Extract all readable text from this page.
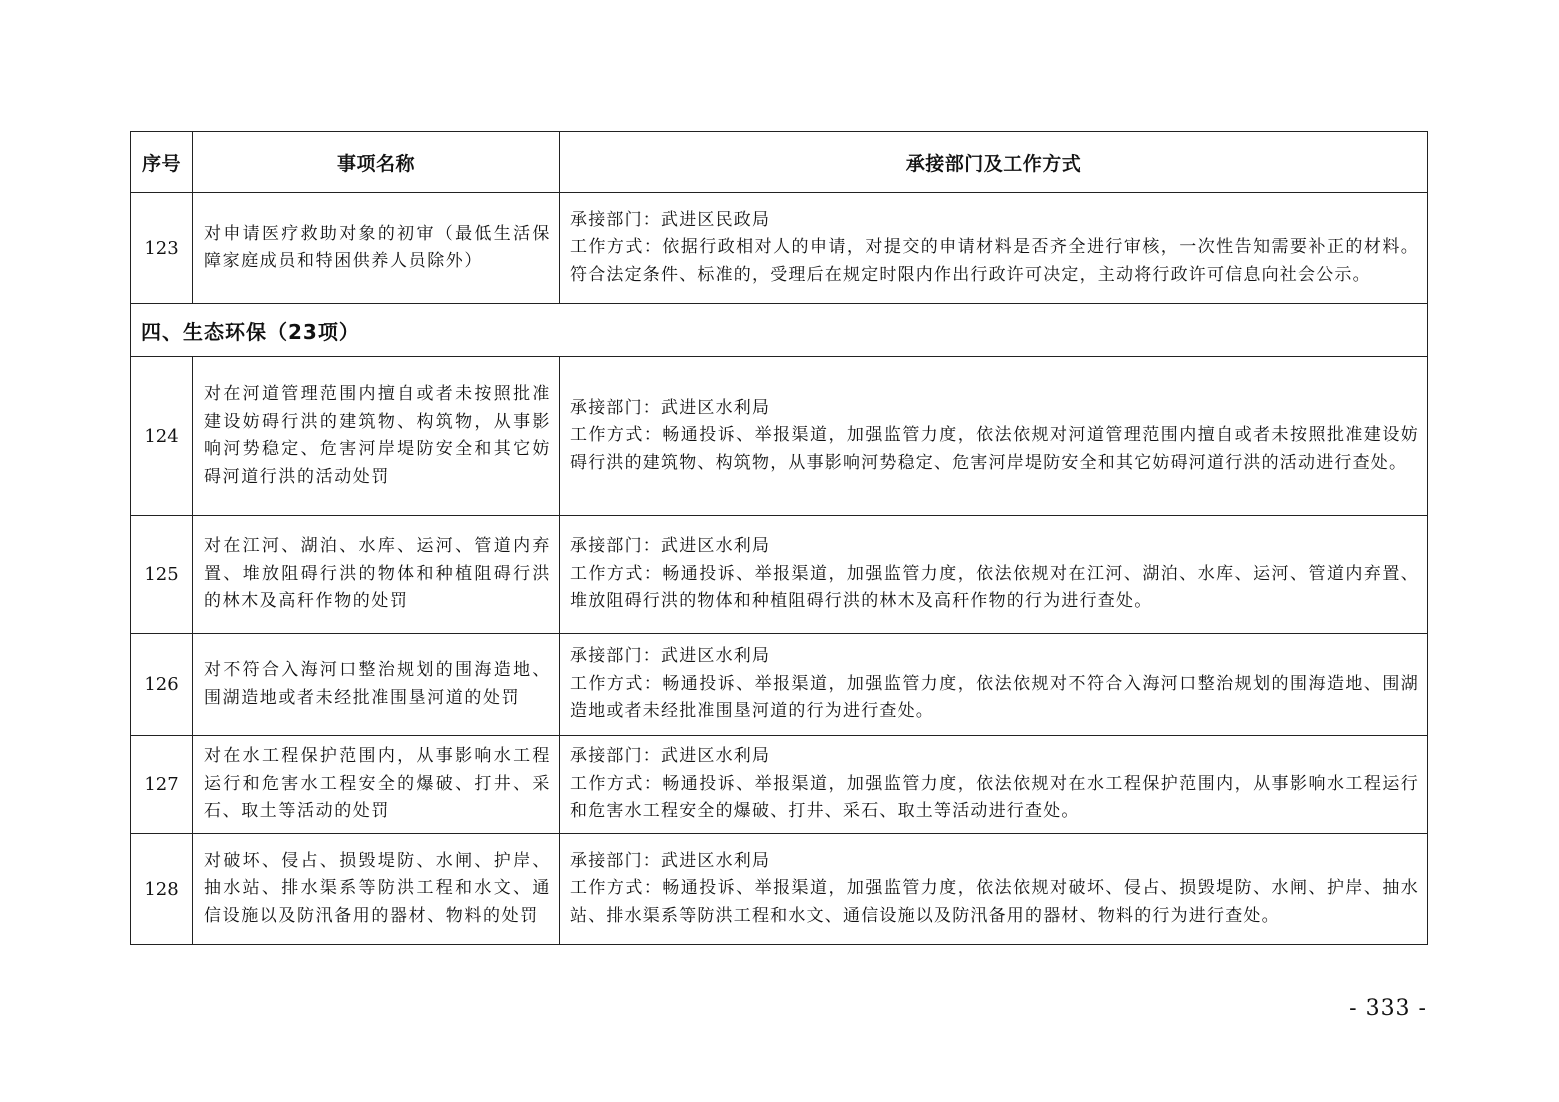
序号	事项名称	承接部门及工作方式
123	对申请医疗救助对象的初审（最低生活保障家庭成员和特困供养人员除外）	承接部门：武进区民政局
工作方式：依据行政相对人的申请，对提交的申请材料是否齐全进行审核，一次性告知需要补正的材料。符合法定条件、标准的，受理后在规定时限内作出行政许可决定，主动将行政许可信息向社会公示。

四、生态环保（23项）		
124	对在河道管理范围内擅自或者未按照批准建设妨碍行洪的建筑物、构筑物，从事影响河势稳定、危害河岸堤防安全和其它妨碍河道行洪的活动处罚	承接部门：武进区水利局
工作方式：畅通投诉、举报渠道，加强监管力度，依法依规对河道管理范围内擅自或者未按照批准建设妨碍行洪的建筑物、构筑物，从事影响河势稳定、危害河岸堤防安全和其它妨碍河道行洪的活动进行查处。

125	对在江河、湖泊、水库、运河、管道内弃置、堆放阻碍行洪的物体和种植阻碍行洪的林木及高秆作物的处罚	承接部门：武进区水利局
工作方式：畅通投诉、举报渠道，加强监管力度，依法依规对在江河、湖泊、水库、运河、管道内弃置、堆放阻碍行洪的物体和种植阻碍行洪的林木及高秆作物的行为进行查处。

126	对不符合入海河口整治规划的围海造地、围湖造地或者未经批准围垦河道的处罚	承接部门：武进区水利局
工作方式：畅通投诉、举报渠道，加强监管力度，依法依规对不符合入海河口整治规划的围海造地、围湖造地或者未经批准围垦河道的行为进行查处。

127	对在水工程保护范围内，从事影响水工程运行和危害水工程安全的爆破、打井、采石、取土等活动的处罚	承接部门：武进区水利局
工作方式：畅通投诉、举报渠道，加强监管力度，依法依规对在水工程保护范围内，从事影响水工程运行和危害水工程安全的爆破、打井、采石、取土等活动进行查处。

128	对破坏、侵占、损毁堤防、水闸、护岸、抽水站、排水渠系等防洪工程和水文、通信设施以及防汛备用的器材、物料的处罚	承接部门：武进区水利局
工作方式：畅通投诉、举报渠道，加强监管力度，依法依规对破坏、侵占、损毁堤防、水闸、护岸、抽水站、排水渠系等防洪工程和水文、通信设施以及防汛备用的器材、物料的行为进行查处。
- 333 -
